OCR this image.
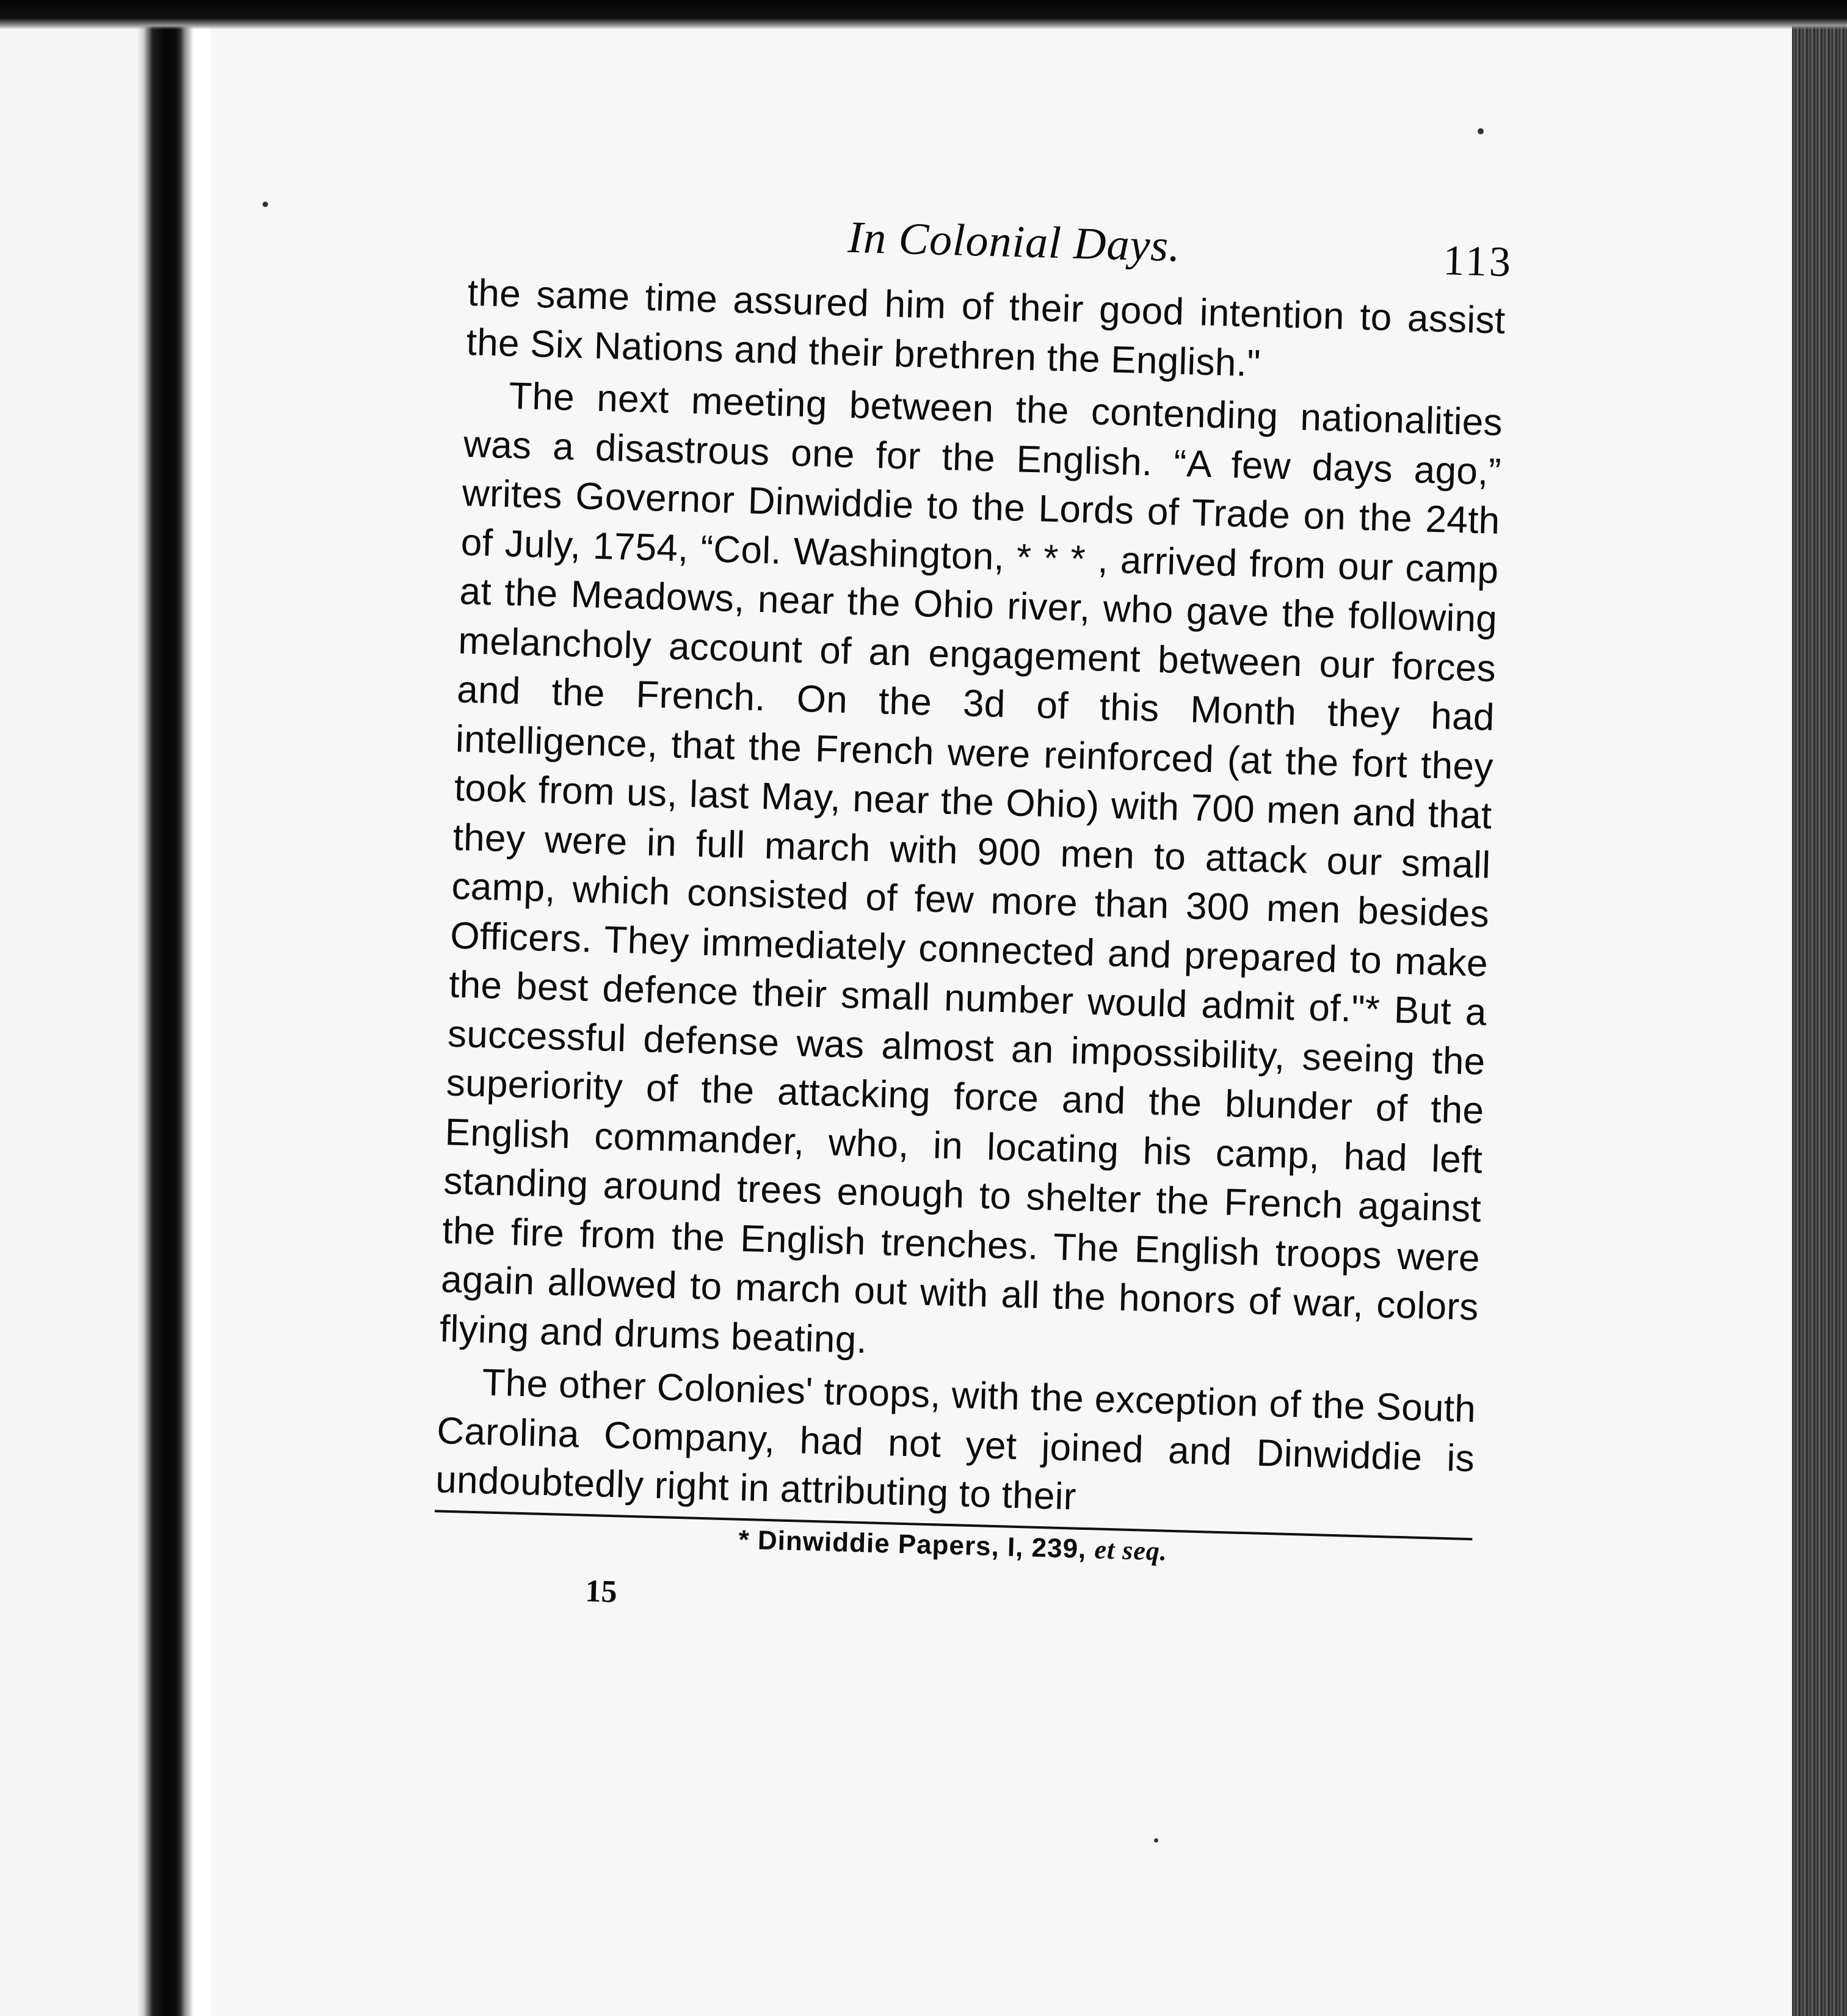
In Colonial Days.	113

the same time assured him of their good intention to assist the Six Nations and their brethren the English."

The next meeting between the contending nationalities was a disastrous one for the English. “A few days ago,” writes Governor Dinwiddie to the Lords of Trade on the 24th of July, 1754, “Col. Washington, * * * , arrived from our camp at the Meadows, near the Ohio river, who gave the following melancholy account of an engagement between our forces and the French. On the 3d of this Month they had intelligence, that the French were reinforced (at the fort they took from us, last May, near the Ohio) with 700 men and that they were in full march with 900 men to attack our small camp, which consisted of few more than 300 men besides Officers. They immediately connected and prepared to make the best defence their small number would admit of."* But a successful defense was almost an impossibility, seeing the superiority of the attacking force and the blunder of the English commander, who, in locating his camp, had left standing around trees enough to shelter the French against the fire from the English trenches. The English troops were again allowed to march out with all the honors of war, colors flying and drums beating.

The other Colonies' troops, with the exception of the South Carolina Company, had not yet joined and Dinwiddie is undoubtedly right in attributing to their

* Dinwiddie Papers, I, 239, et seq.
15
